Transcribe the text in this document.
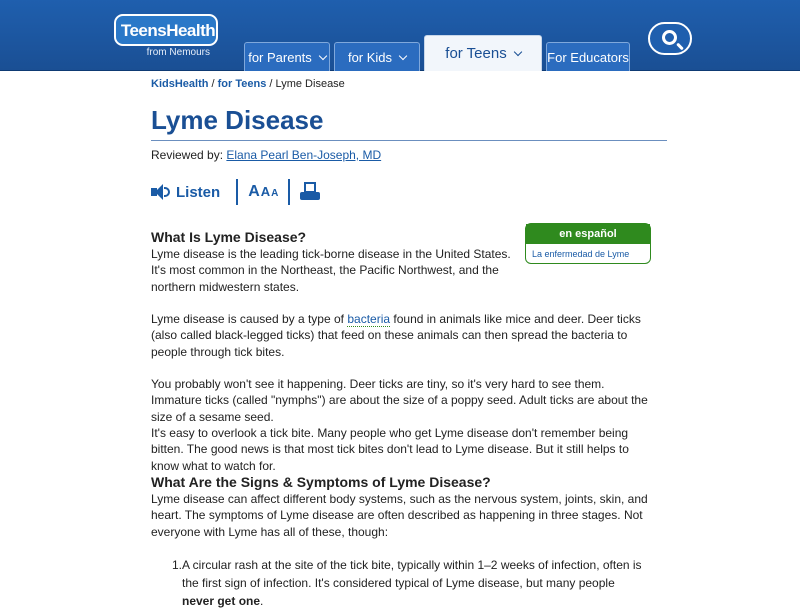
TeensHealth
from Nemours	for Parents	for Kids	for Teens	For Educators
KidsHealth / for Teens / Lyme Disease
Lyme Disease
Reviewed by: Elana Pearl Ben-Joseph, MD
Listen A A A
en español
La enfermedad de Lyme
What Is Lyme Disease?
Lyme disease is the leading tick-borne disease in the United States. It's most common in the Northeast, the Pacific Northwest, and the northern midwestern states.
Lyme disease is caused by a type of bacteria found in animals like mice and deer. Deer ticks (also called black-legged ticks) that feed on these animals can then spread the bacteria to people through tick bites.
You probably won't see it happening. Deer ticks are tiny, so it's very hard to see them. Immature ticks (called "nymphs") are about the size of a poppy seed. Adult ticks are about the size of a sesame seed.
It's easy to overlook a tick bite. Many people who get Lyme disease don't remember being bitten. The good news is that most tick bites don't lead to Lyme disease. But it still helps to know what to watch for.
What Are the Signs & Symptoms of Lyme Disease?
Lyme disease can affect different body systems, such as the nervous system, joints, skin, and heart. The symptoms of Lyme disease are often described as happening in three stages. Not everyone with Lyme has all of these, though:
1. A circular rash at the site of the tick bite, typically within 1–2 weeks of infection, often is the first sign of infection. It's considered typical of Lyme disease, but many people never get one.
